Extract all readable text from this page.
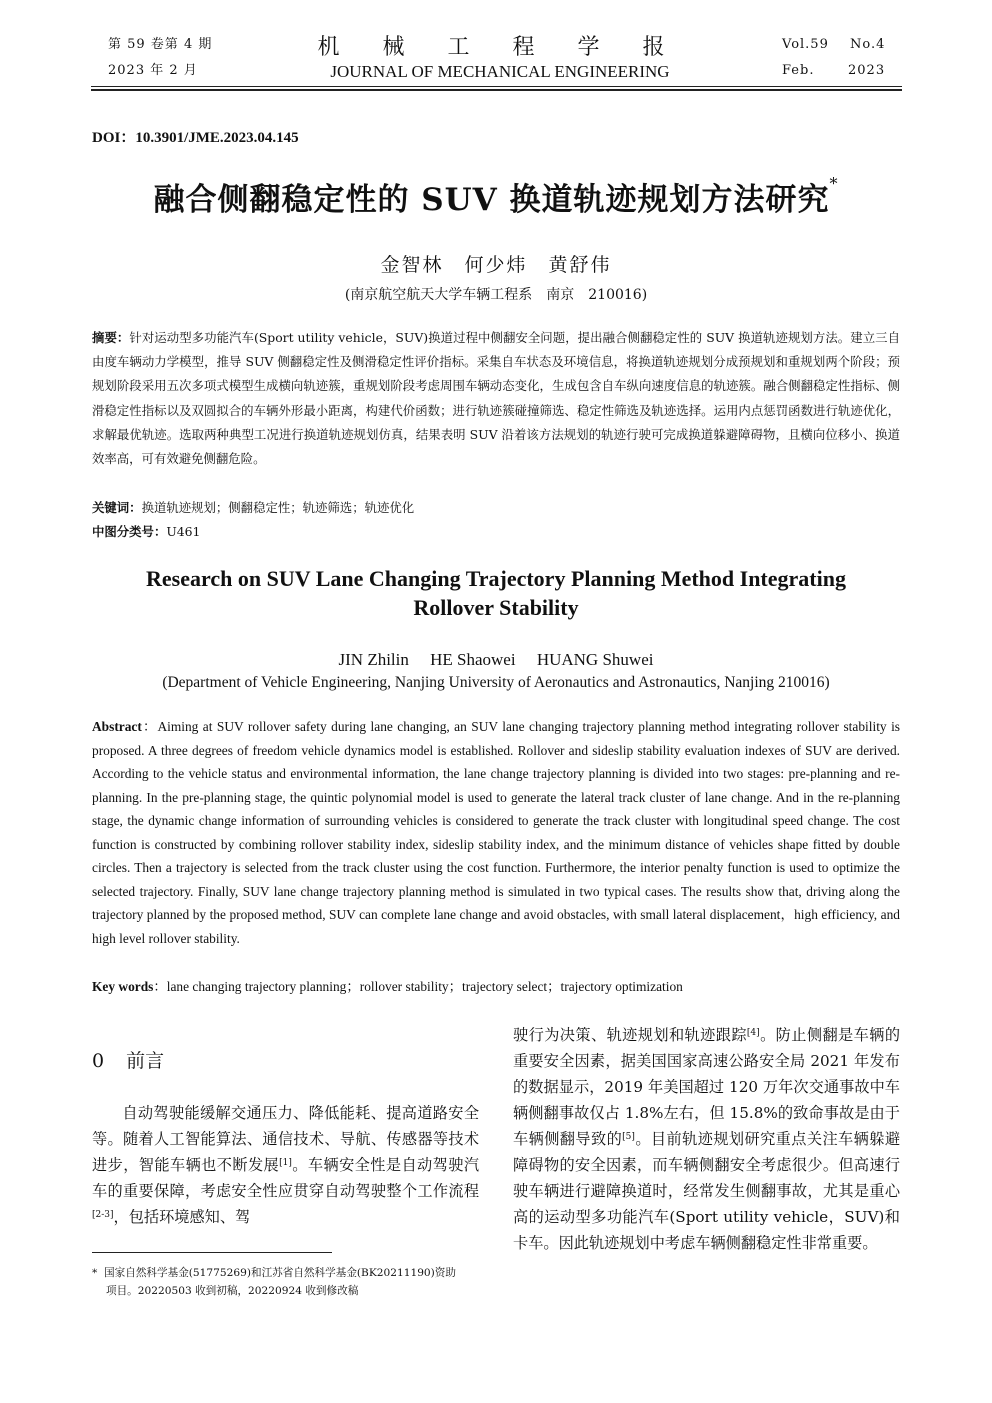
第 59 卷第 4 期
2023 年 2 月
机 械 工 程 学 报
JOURNAL OF MECHANICAL ENGINEERING
Vol.59 No.4
Feb.	2023
DOI：10.3901/JME.2023.04.145
融合侧翻稳定性的 SUV 换道轨迹规划方法研究*
金智林　何少炜　黄舒伟
(南京航空航天大学车辆工程系　南京　210016)
摘要：针对运动型多功能汽车(Sport utility vehicle，SUV)换道过程中侧翻安全问题，提出融合侧翻稳定性的 SUV 换道轨迹规划方法。建立三自由度车辆动力学模型，推导 SUV 侧翻稳定性及侧滑稳定性评价指标。采集自车状态及环境信息，将换道轨迹规划分成预规划和重规划两个阶段；预规划阶段采用五次多项式模型生成横向轨迹簇，重规划阶段考虑周围车辆动态变化，生成包含自车纵向速度信息的轨迹簇。融合侧翻稳定性指标、侧滑稳定性指标以及双圆拟合的车辆外形最小距离，构建代价函数；进行轨迹簇碰撞筛选、稳定性筛选及轨迹选择。运用内点惩罚函数进行轨迹优化，求解最优轨迹。选取两种典型工况进行换道轨迹规划仿真，结果表明 SUV 沿着该方法规划的轨迹行驶可完成换道躲避障碍物，且横向位移小、换道效率高，可有效避免侧翻危险。
关键词：换道轨迹规划；侧翻稳定性；轨迹筛选；轨迹优化
中图分类号：U461
Research on SUV Lane Changing Trajectory Planning Method Integrating
Rollover Stability
JIN Zhilin　 HE Shaowei　 HUANG Shuwei
(Department of Vehicle Engineering, Nanjing University of Aeronautics and Astronautics, Nanjing 210016)
Abstract：Aiming at SUV rollover safety during lane changing, an SUV lane changing trajectory planning method integrating rollover stability is proposed. A three degrees of freedom vehicle dynamics model is established. Rollover and sideslip stability evaluation indexes of SUV are derived. According to the vehicle status and environmental information, the lane change trajectory planning is divided into two stages: pre-planning and re-planning. In the pre-planning stage, the quintic polynomial model is used to generate the lateral track cluster of lane change. And in the re-planning stage, the dynamic change information of surrounding vehicles is considered to generate the track cluster with longitudinal speed change. The cost function is constructed by combining rollover stability index, sideslip stability index, and the minimum distance of vehicles shape fitted by double circles. Then a trajectory is selected from the track cluster using the cost function. Furthermore, the interior penalty function is used to optimize the selected trajectory. Finally, SUV lane change trajectory planning method is simulated in two typical cases. The results show that, driving along the trajectory planned by the proposed method, SUV can complete lane change and avoid obstacles, with small lateral displacement，high efficiency, and high level rollover stability.
Key words：lane changing trajectory planning；rollover stability；trajectory select；trajectory optimization
0 前言
自动驾驶能缓解交通压力、降低能耗、提高道路安全等。随着人工智能算法、通信技术、导航、传感器等技术进步，智能车辆也不断发展[1]。车辆安全性是自动驾驶汽车的重要保障，考虑安全性应贯穿自动驾驶整个工作流程[2-3]，包括环境感知、驾
* 国家自然科学基金(51775269)和江苏省自然科学基金(BK20211190)资助
项目。20220503 收到初稿，20220924 收到修改稿
驶行为决策、轨迹规划和轨迹跟踪[4]。防止侧翻是车辆的重要安全因素，据美国国家高速公路安全局 2021 年发布的数据显示，2019 年美国超过 120 万年次交通事故中车辆侧翻事故仅占 1.8%左右，但 15.8%的致命事故是由于车辆侧翻导致的[5]。目前轨迹规划研究重点关注车辆躲避障碍物的安全因素，而车辆侧翻安全考虑很少。但高速行驶车辆进行避障换道时，经常发生侧翻事故，尤其是重心高的运动型多功能汽车(Sport utility vehicle，SUV)和卡车。因此轨迹规划中考虑车辆侧翻稳定性非常重要。
